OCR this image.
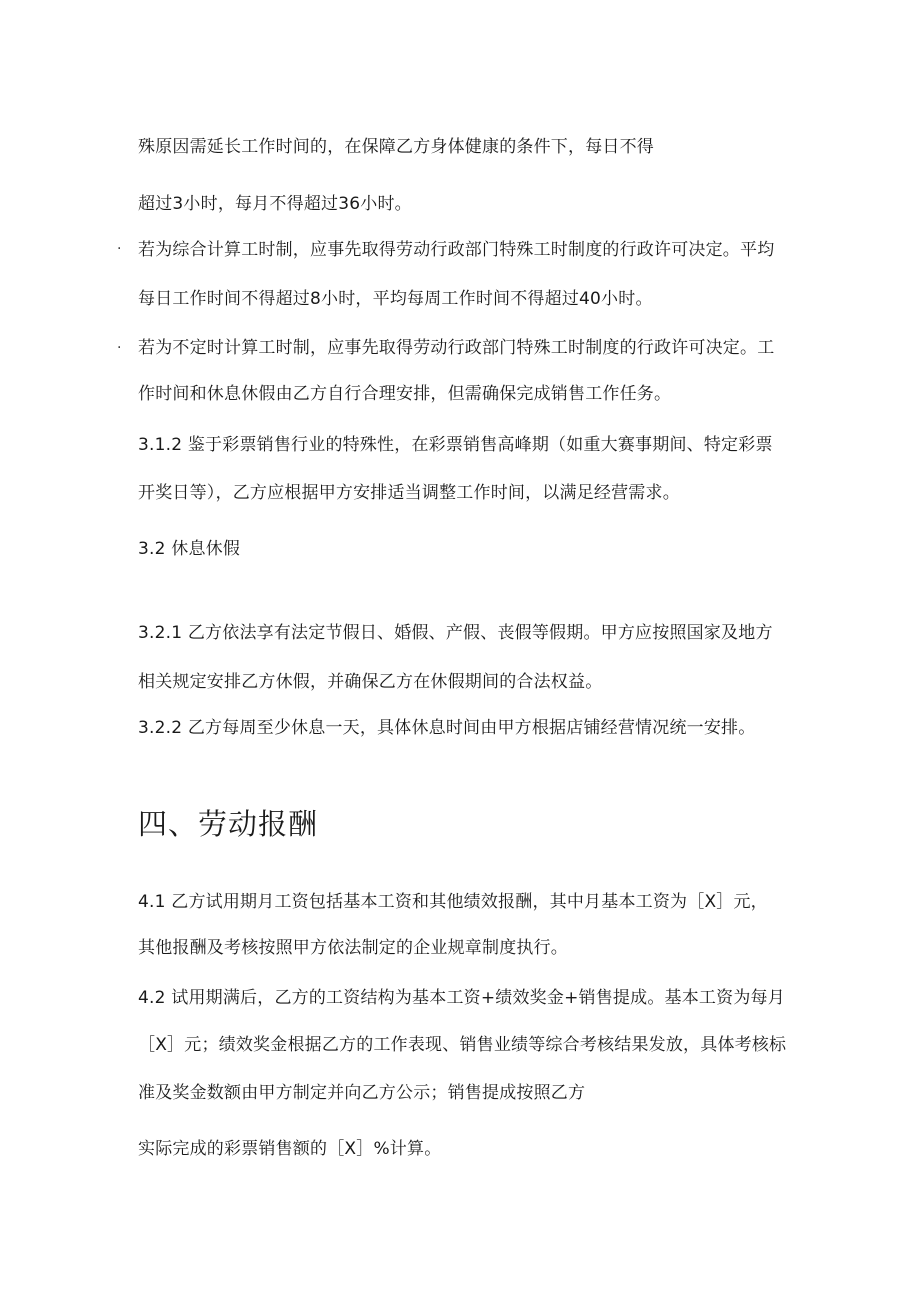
·
·
殊原因需延长工作时间的，在保障乙方身体健康的条件下，每日不得
超过3小时，每月不得超过36小时。
若为综合计算工时制，应事先取得劳动行政部门特殊工时制度的行政许可决定。平均
每日工作时间不得超过8小时，平均每周工作时间不得超过40小时。
若为不定时计算工时制，应事先取得劳动行政部门特殊工时制度的行政许可决定。工
作时间和休息休假由乙方自行合理安排，但需确保完成销售工作任务。
3.1.2 鉴于彩票销售行业的特殊性，在彩票销售高峰期（如重大赛事期间、特定彩票
开奖日等），乙方应根据甲方安排适当调整工作时间，以满足经营需求。
3.2 休息休假
3.2.1 乙方依法享有法定节假日、婚假、产假、丧假等假期。甲方应按照国家及地方
相关规定安排乙方休假，并确保乙方在休假期间的合法权益。
3.2.2 乙方每周至少休息一天，具体休息时间由甲方根据店铺经营情况统一安排。
四、劳动报酬
4.1 乙方试用期月工资包括基本工资和其他绩效报酬，其中月基本工资为［X］元，
其他报酬及考核按照甲方依法制定的企业规章制度执行。
4.2 试用期满后，乙方的工资结构为基本工资+绩效奖金+销售提成。基本工资为每月
［X］元；绩效奖金根据乙方的工作表现、销售业绩等综合考核结果发放，具体考核标
准及奖金数额由甲方制定并向乙方公示；销售提成按照乙方
实际完成的彩票销售额的［X］%计算。
